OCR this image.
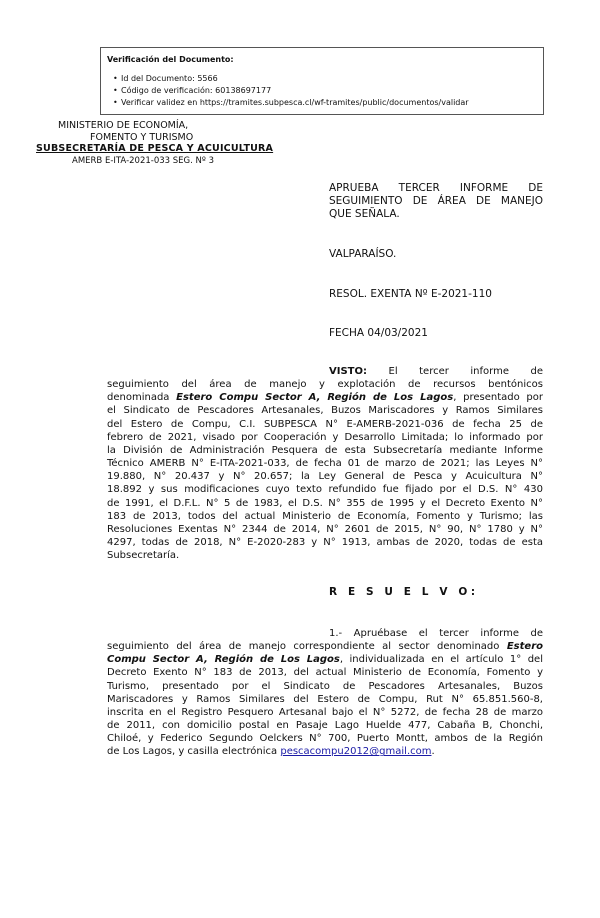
Verificación del Documento:

• Id del Documento: 5566
• Código de verificación: 60138697177
• Verificar validez en https://tramites.subpesca.cl/wf-tramites/public/documentos/validar
MINISTERIO DE ECONOMÍA,
FOMENTO Y TURISMO
SUBSECRETARÍA DE PESCA Y ACUICULTURA
AMERB E-ITA-2021-033 SEG. Nº 3
APRUEBA TERCER INFORME DE
SEGUIMIENTO DE ÁREA DE MANEJO
QUE SEÑALA.
VALPARAÍSO.
RESOL. EXENTA Nº E-2021-110
FECHA 04/03/2021
VISTO: El tercer informe de
seguimiento del área de manejo y explotación de recursos bentónicos
denominada Estero Compu Sector A, Región de Los Lagos, presentado por
el Sindicato de Pescadores Artesanales, Buzos Mariscadores y Ramos Similares
del Estero de Compu, C.I. SUBPESCA N° E-AMERB-2021-036 de fecha 25 de
febrero de 2021, visado por Cooperación y Desarrollo Limitada; lo informado por
la División de Administración Pesquera de esta Subsecretaría mediante Informe
Técnico AMERB N° E-ITA-2021-033, de fecha 01 de marzo de 2021; las Leyes N°
19.880, N° 20.437 y N° 20.657; la Ley General de Pesca y Acuicultura N°
18.892 y sus modificaciones cuyo texto refundido fue fijado por el D.S. N° 430
de 1991, el D.F.L. N° 5 de 1983, el D.S. N° 355 de 1995 y el Decreto Exento N°
183 de 2013, todos del actual Ministerio de Economía, Fomento y Turismo; las
Resoluciones Exentas N° 2344 de 2014, N° 2601 de 2015, N° 90, N° 1780 y N°
4297, todas de 2018, N° E-2020-283 y N° 1913, ambas de 2020, todas de esta
Subsecretaría.
R E S U E L V O:
1.- Apruébase el tercer informe de
seguimiento del área de manejo correspondiente al sector denominado Estero
Compu Sector A, Región de Los Lagos, individualizada en el artículo 1° del
Decreto Exento N° 183 de 2013, del actual Ministerio de Economía, Fomento y
Turismo, presentado por el Sindicato de Pescadores Artesanales, Buzos
Mariscadores y Ramos Similares del Estero de Compu, Rut N° 65.851.560-8,
inscrita en el Registro Pesquero Artesanal bajo el N° 5272, de fecha 28 de marzo
de 2011, con domicilio postal en Pasaje Lago Huelde 477, Cabaña B, Chonchi,
Chiloé, y Federico Segundo Oelckers N° 700, Puerto Montt, ambos de la Región
de Los Lagos, y casilla electrónica pescacompu2012@gmail.com.
